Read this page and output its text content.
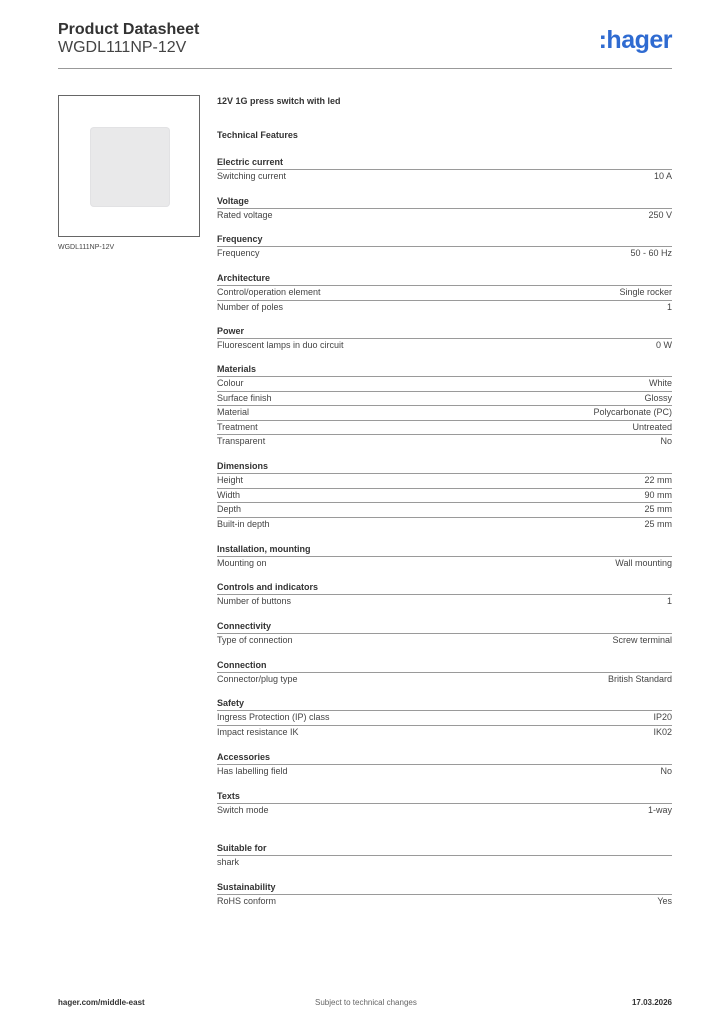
Product Datasheet
WGDL111NP-12V	:hager
WGDL111NP-12V
12V 1G press switch with led
Technical Features
Electric current
Switching current	10 A
Voltage
Rated voltage	250 V
Frequency
Frequency	50 - 60 Hz
Architecture
Control/operation element	Single rocker
Number of poles	1
Power
Fluorescent lamps in duo circuit	0 W
Materials
Colour	White
Surface finish	Glossy
Material	Polycarbonate (PC)
Treatment	Untreated
Transparent	No
Dimensions
Height	22 mm
Width	90 mm
Depth	25 mm
Built-in depth	25 mm
Installation, mounting
Mounting on	Wall mounting
Controls and indicators
Number of buttons	1
Connectivity
Type of connection	Screw terminal
Connection
Connector/plug type	British Standard
Safety
Ingress Protection (IP) class	IP20
Impact resistance IK	IK02
Accessories
Has labelling field	No
Texts
Switch mode	1-way
Suitable for
shark
Sustainability
RoHS conform	Yes
hager.com/middle-east	Subject to technical changes	17.03.2026
